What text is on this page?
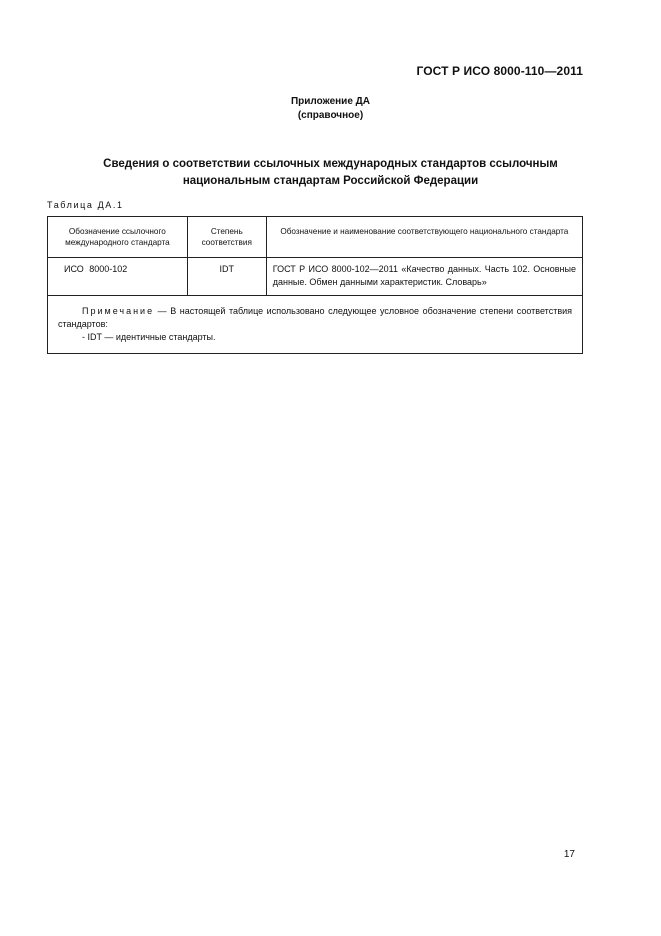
ГОСТ Р ИСО 8000-110—2011
Приложение ДА
(справочное)
Сведения о соответствии ссылочных международных стандартов ссылочным
национальным стандартам Российской Федерации
Таблица ДА.1
Обозначение ссылочного международного стандарта	Степень соответствия	Обозначение и наименование соответствующего национального стандарта
ИСО 8000-102	IDT	ГОСТ Р ИСО 8000-102—2011 «Качество данных. Часть 102. Основные данные. Обмен данными характеристик. Словарь»

Примечание — В настоящей таблице использовано следующее условное обозначение степени соответствия стандартов:
- IDT — идентичные стандарты.		
17
